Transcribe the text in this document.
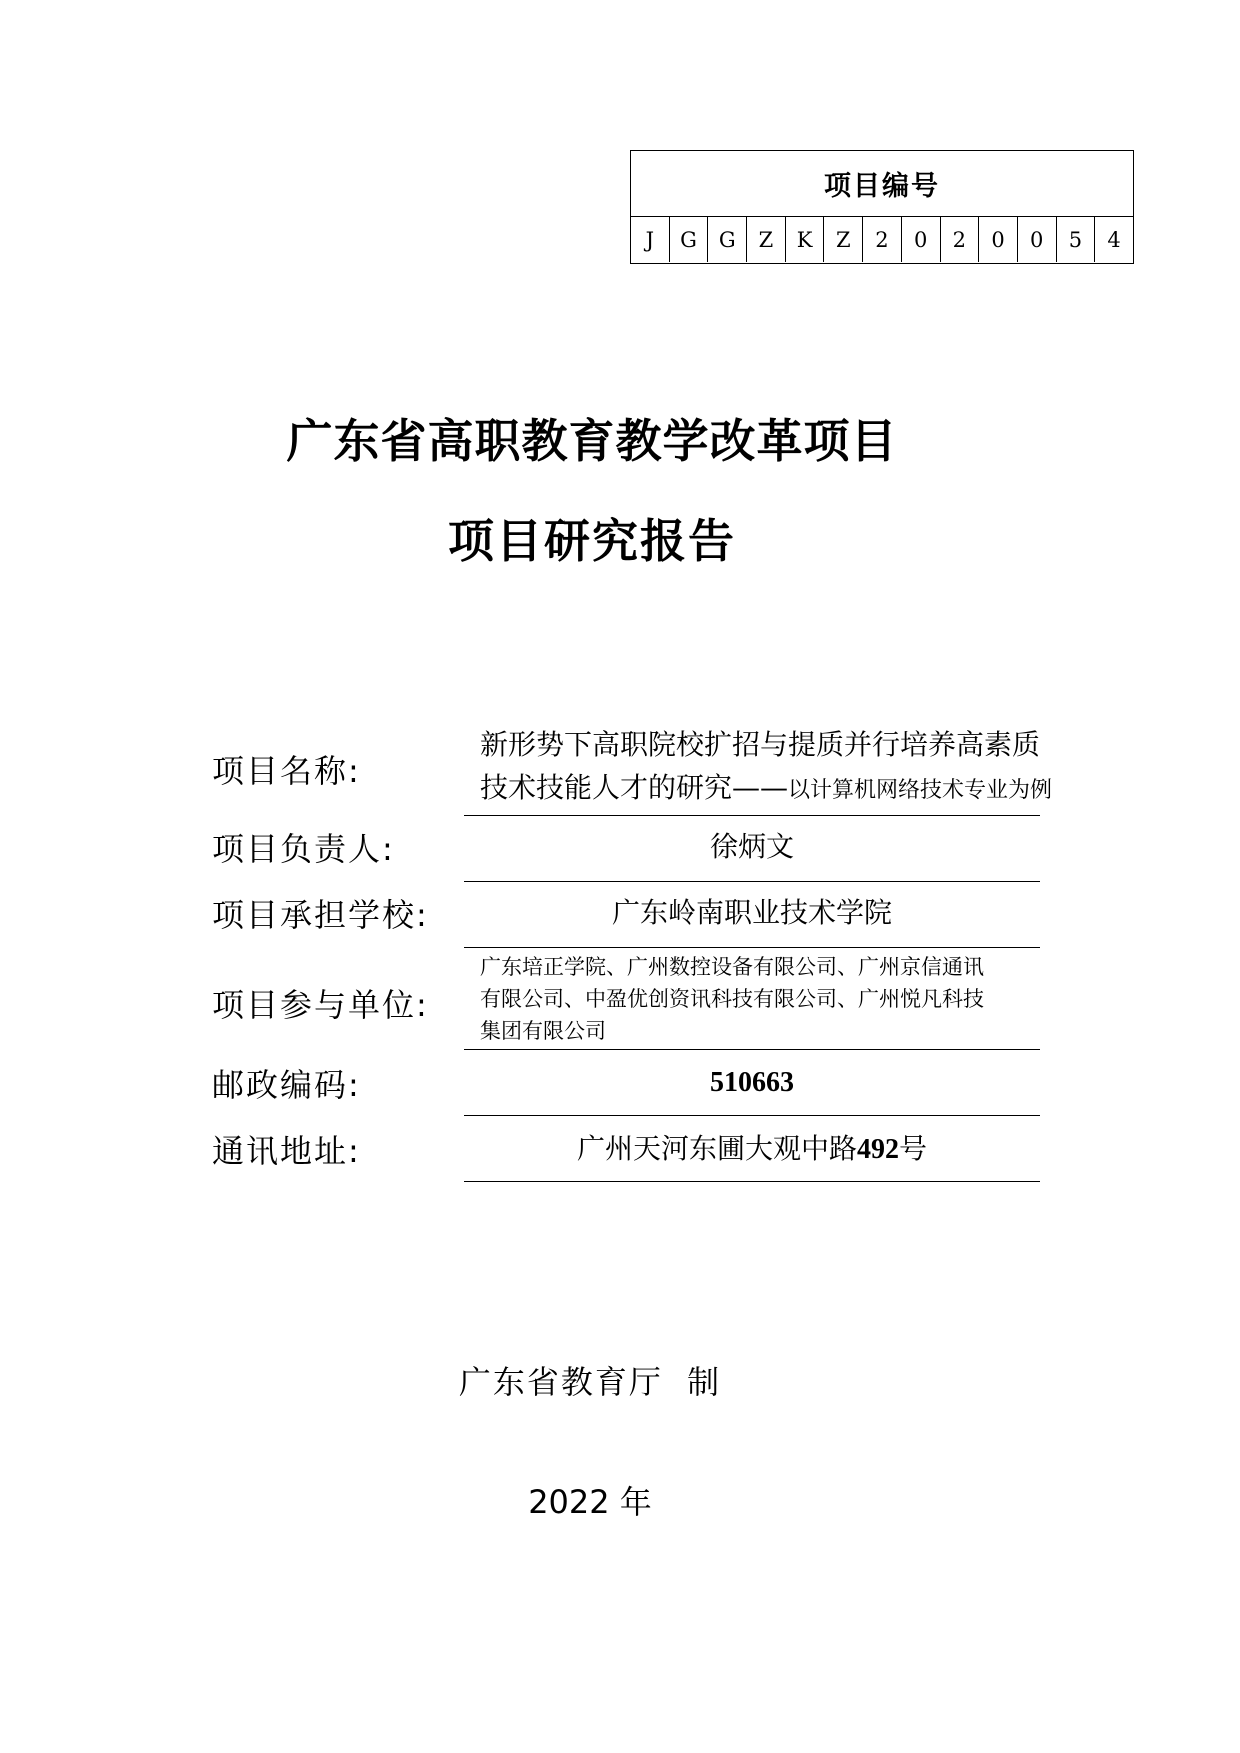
项目编号
J	G	G	Z	K	Z	2	0	2	0	0	5	4
广东省高职教育教学改革项目
项目研究报告
项目名称:
新形势下高职院校扩招与提质并行培养高素质
技术技能人才的研究——以计算机网络技术专业为例
项目负责人:	徐炳文
项目承担学校:	广东岭南职业技术学院
项目参与单位:
广东培正学院、广州数控设备有限公司、广州京信通讯
有限公司、中盈优创资讯科技有限公司、广州悦凡科技
集团有限公司
邮政编码:	510663
通讯地址:	广州天河东圃大观中路492号
广东省教育厅  制
2022 年
